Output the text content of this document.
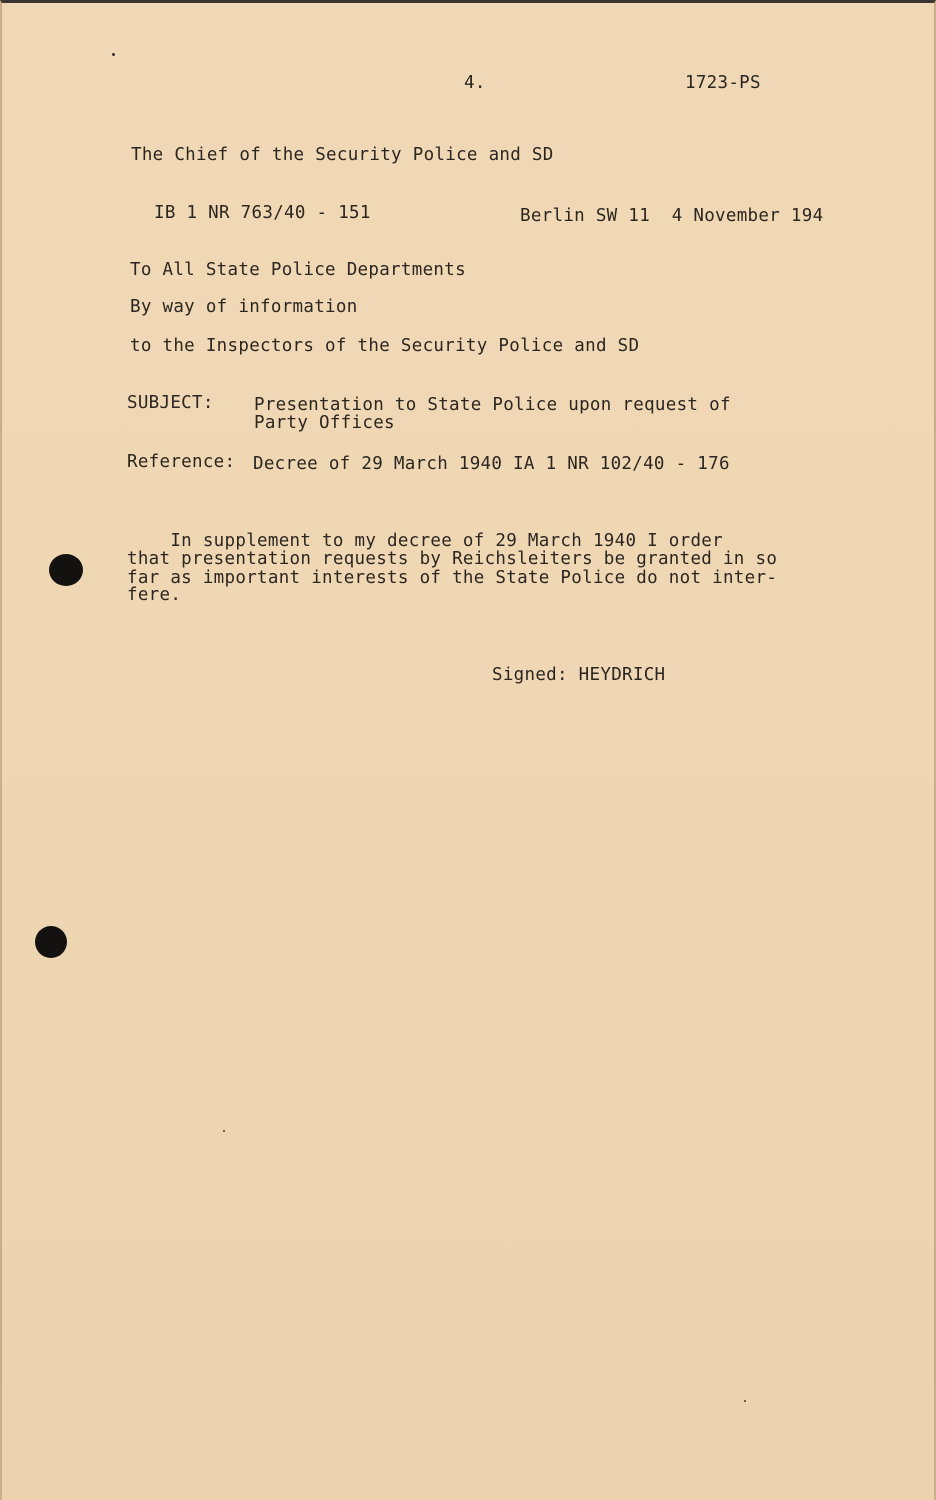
4.	1723-PS
The Chief of the Security Police and SD
IB 1 NR 763/40 - 151	Berlin SW 11  4 November 194
To All State Police Departments
By way of information
to the Inspectors of the Security Police and SD
SUBJECT: Presentation to State Police upon request of
Party Offices
Reference: Decree of 29 March 1940 IA 1 NR 102/40 - 176
In supplement to my decree of 29 March 1940 I order
that presentation requests by Reichsleiters be granted in so
far as important interests of the State Police do not inter-
fere.
Signed: HEYDRICH
